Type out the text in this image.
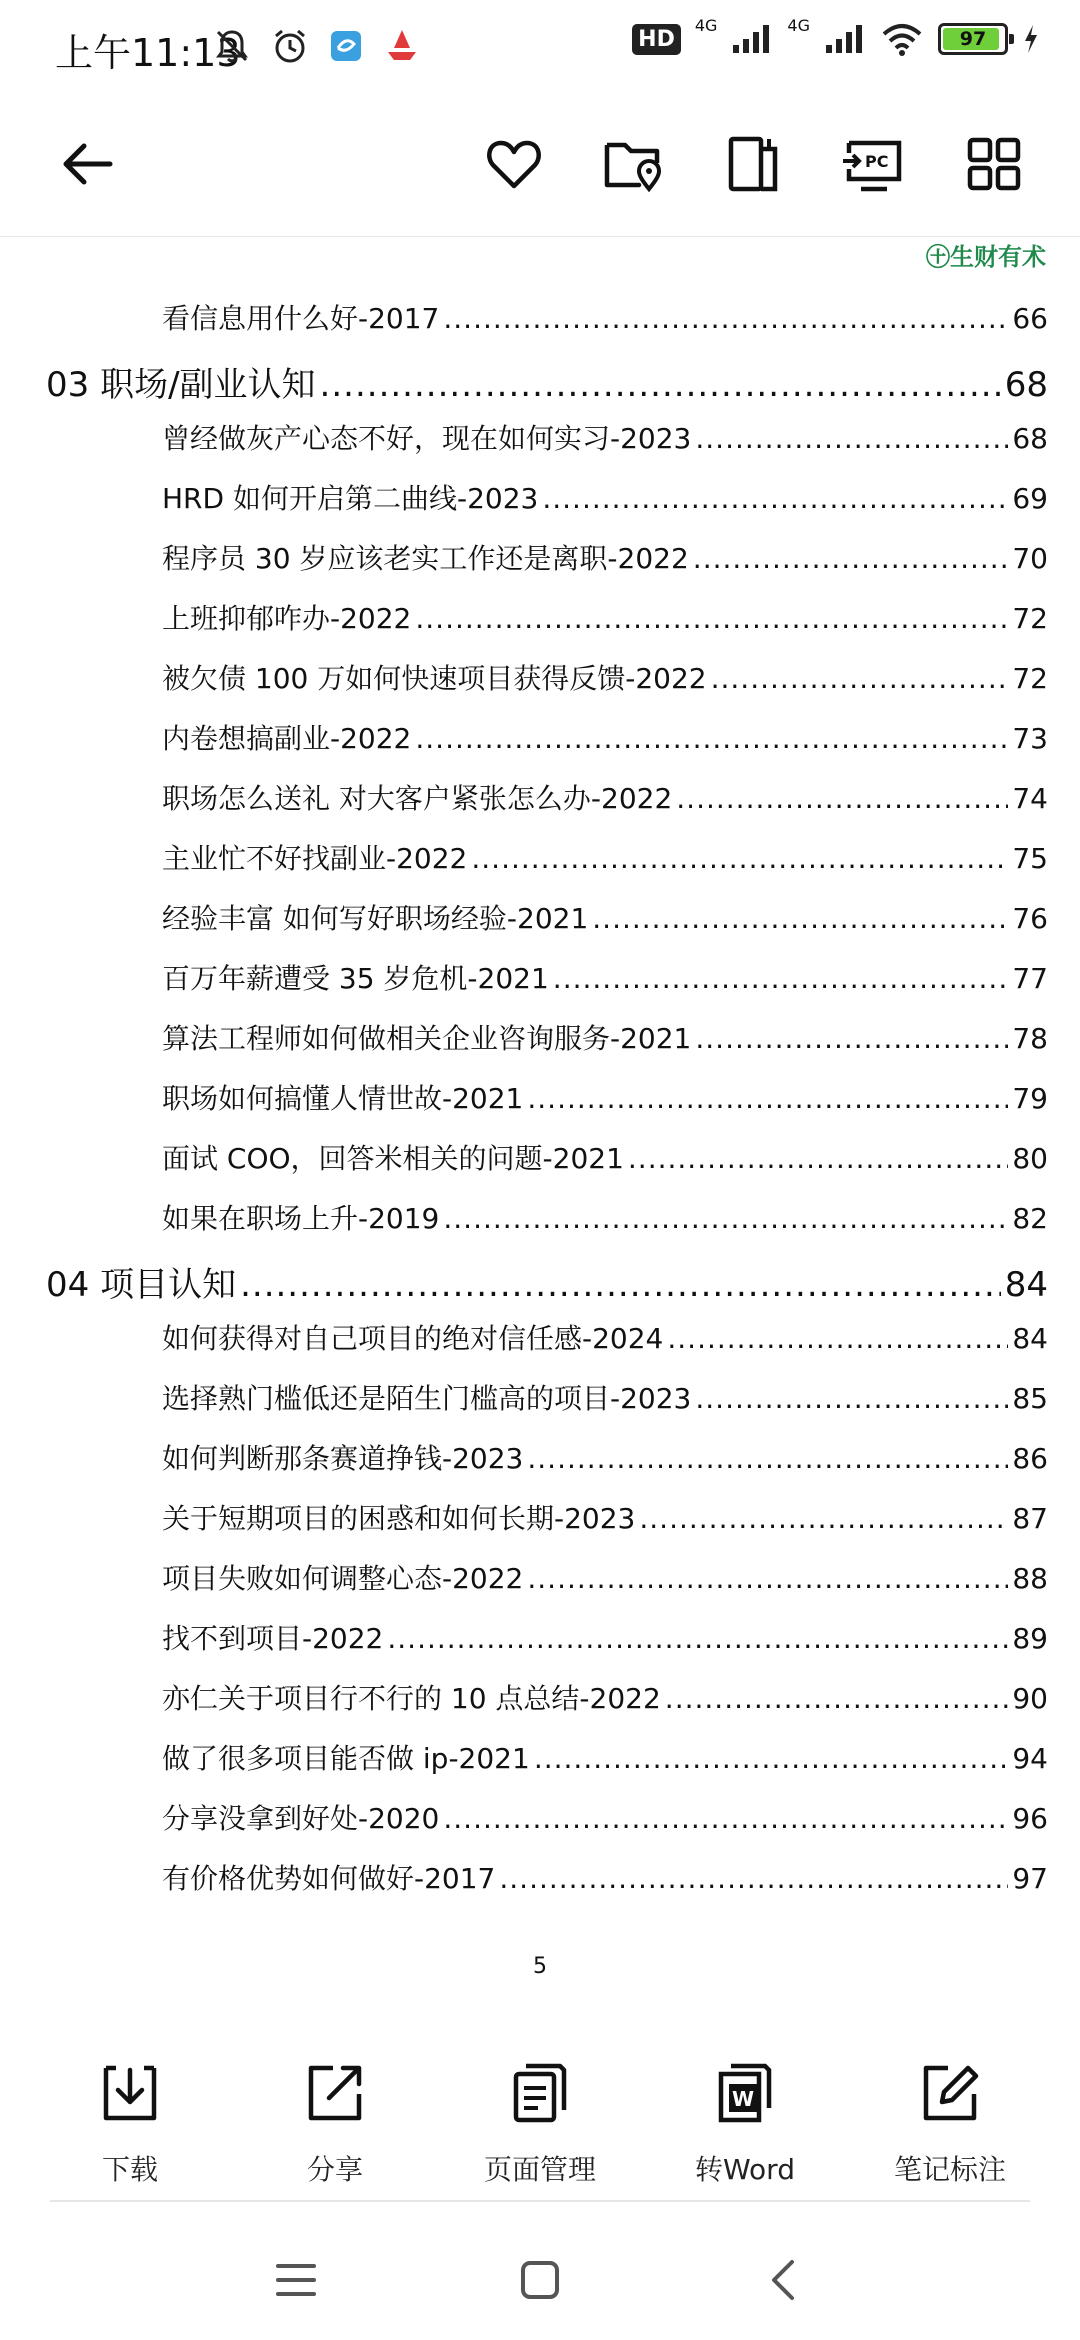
上午11:13	HD
4G	4G
97
PC
㊉生财有术
看信息用什么好-2017 .....	66
03 职场/副业认知 .....	68
曾经做灰产心态不好，现在如何实习-2023 .....	68
HRD 如何开启第二曲线-2023 .....	69
程序员 30 岁应该老实工作还是离职-2022 .....	70
上班抑郁咋办-2022 .....	72
被欠债 100 万如何快速项目获得反馈-2022 .....	72
内卷想搞副业-2022 .....	73
职场怎么送礼 对大客户紧张怎么办-2022 .....	74
主业忙不好找副业-2022 .....	75
经验丰富 如何写好职场经验-2021 .....	76
百万年薪遭受 35 岁危机-2021 .....	77
算法工程师如何做相关企业咨询服务-2021 .....	78
职场如何搞懂人情世故-2021 .....	79
面试 COO，回答米相关的问题-2021 .....	80
如果在职场上升-2019 .....	82
04 项目认知 .....	84
如何获得对自己项目的绝对信任感-2024 .....	84
选择熟门槛低还是陌生门槛高的项目-2023 .....	85
如何判断那条赛道挣钱-2023 .....	86
关于短期项目的困惑和如何长期-2023 .....	87
项目失败如何调整心态-2022 .....	88
找不到项目-2022 .....	89
亦仁关于项目行不行的 10 点总结-2022 .....	90
做了很多项目能否做 ip-2021 .....	94
分享没拿到好处-2020 .....	96
有价格优势如何做好-2017 .....	97
5
下载	分享	页面管理
W
转Word	笔记标注
